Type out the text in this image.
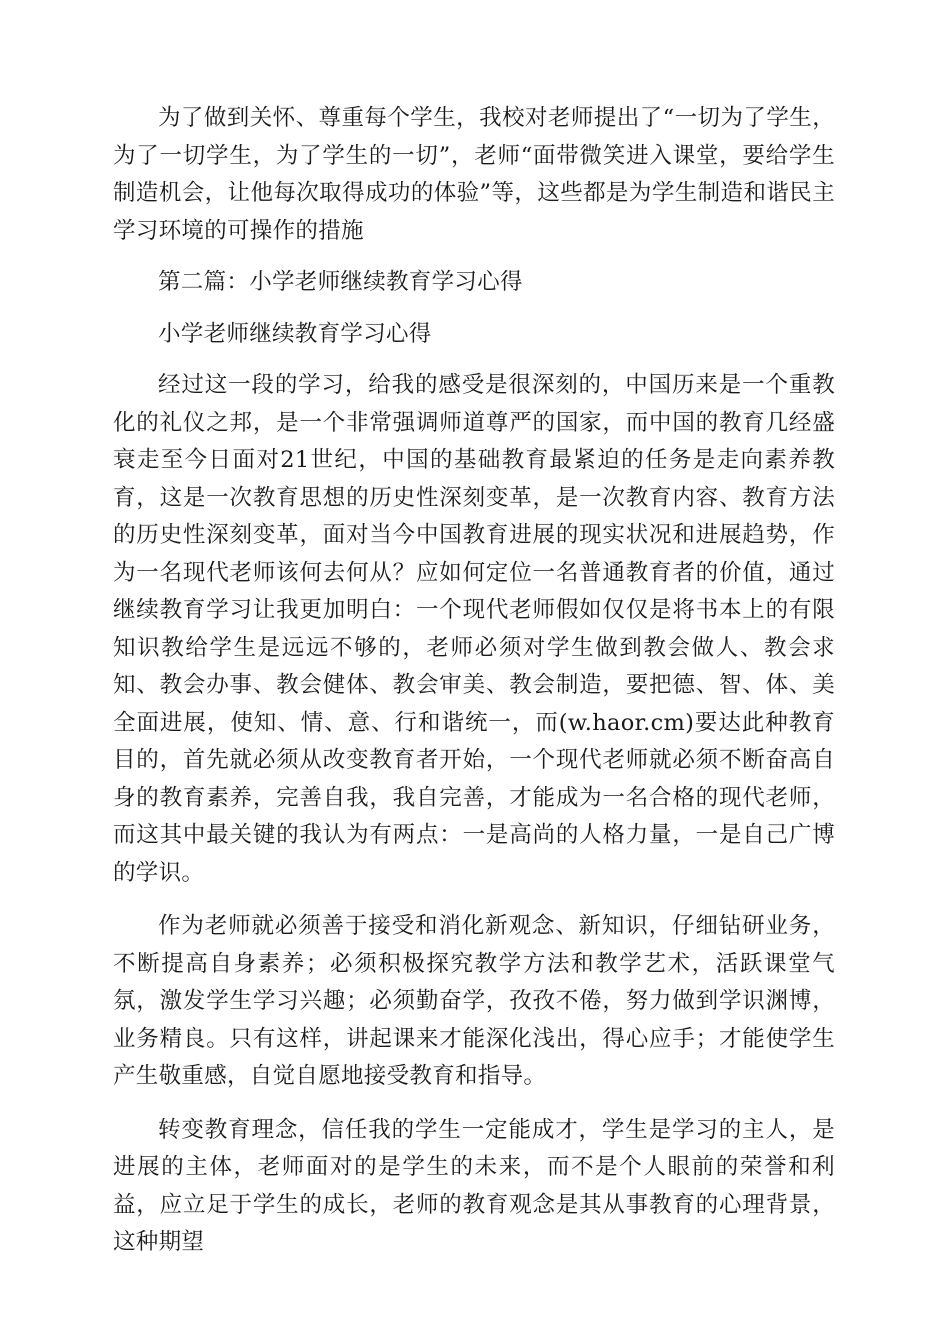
为了做到关怀、尊重每个学生，我校对老师提出了“一切为了学生，为了一切学生，为了学生的一切”，老师“面带微笑进入课堂，要给学生制造机会，让他每次取得成功的体验”等，这些都是为学生制造和谐民主学习环境的可操作的措施

第二篇：小学老师继续教育学习心得

小学老师继续教育学习心得

经过这一段的学习，给我的感受是很深刻的，中国历来是一个重教化的礼仪之邦，是一个非常强调师道尊严的国家，而中国的教育几经盛衰走至今日面对21世纪，中国的基础教育最紧迫的任务是走向素养教育，这是一次教育思想的历史性深刻变革，是一次教育内容、教育方法的历史性深刻变革，面对当今中国教育进展的现实状况和进展趋势，作为一名现代老师该何去何从？应如何定位一名普通教育者的价值，通过继续教育学习让我更加明白：一个现代老师假如仅仅是将书本上的有限知识教给学生是远远不够的，老师必须对学生做到教会做人、教会求知、教会办事、教会健体、教会审美、教会制造，要把德、智、体、美全面进展，使知、情、意、行和谐统一，而(w.haor.cm)要达此种教育目的，首先就必须从改变教育者开始，一个现代老师就必须不断奋高自身的教育素养，完善自我，我自完善，才能成为一名合格的现代老师，而这其中最关键的我认为有两点：一是高尚的人格力量，一是自己广博的学识。

作为老师就必须善于接受和消化新观念、新知识，仔细钻研业务，不断提高自身素养；必须积极探究教学方法和教学艺术，活跃课堂气氛，激发学生学习兴趣；必须勤奋学，孜孜不倦，努力做到学识渊博，业务精良。只有这样，讲起课来才能深化浅出，得心应手；才能使学生产生敬重感，自觉自愿地接受教育和指导。

转变教育理念，信任我的学生一定能成才，学生是学习的主人，是进展的主体，老师面对的是学生的未来，而不是个人眼前的荣誉和利益，应立足于学生的成长，老师的教育观念是其从事教育的心理背景，这种期望
